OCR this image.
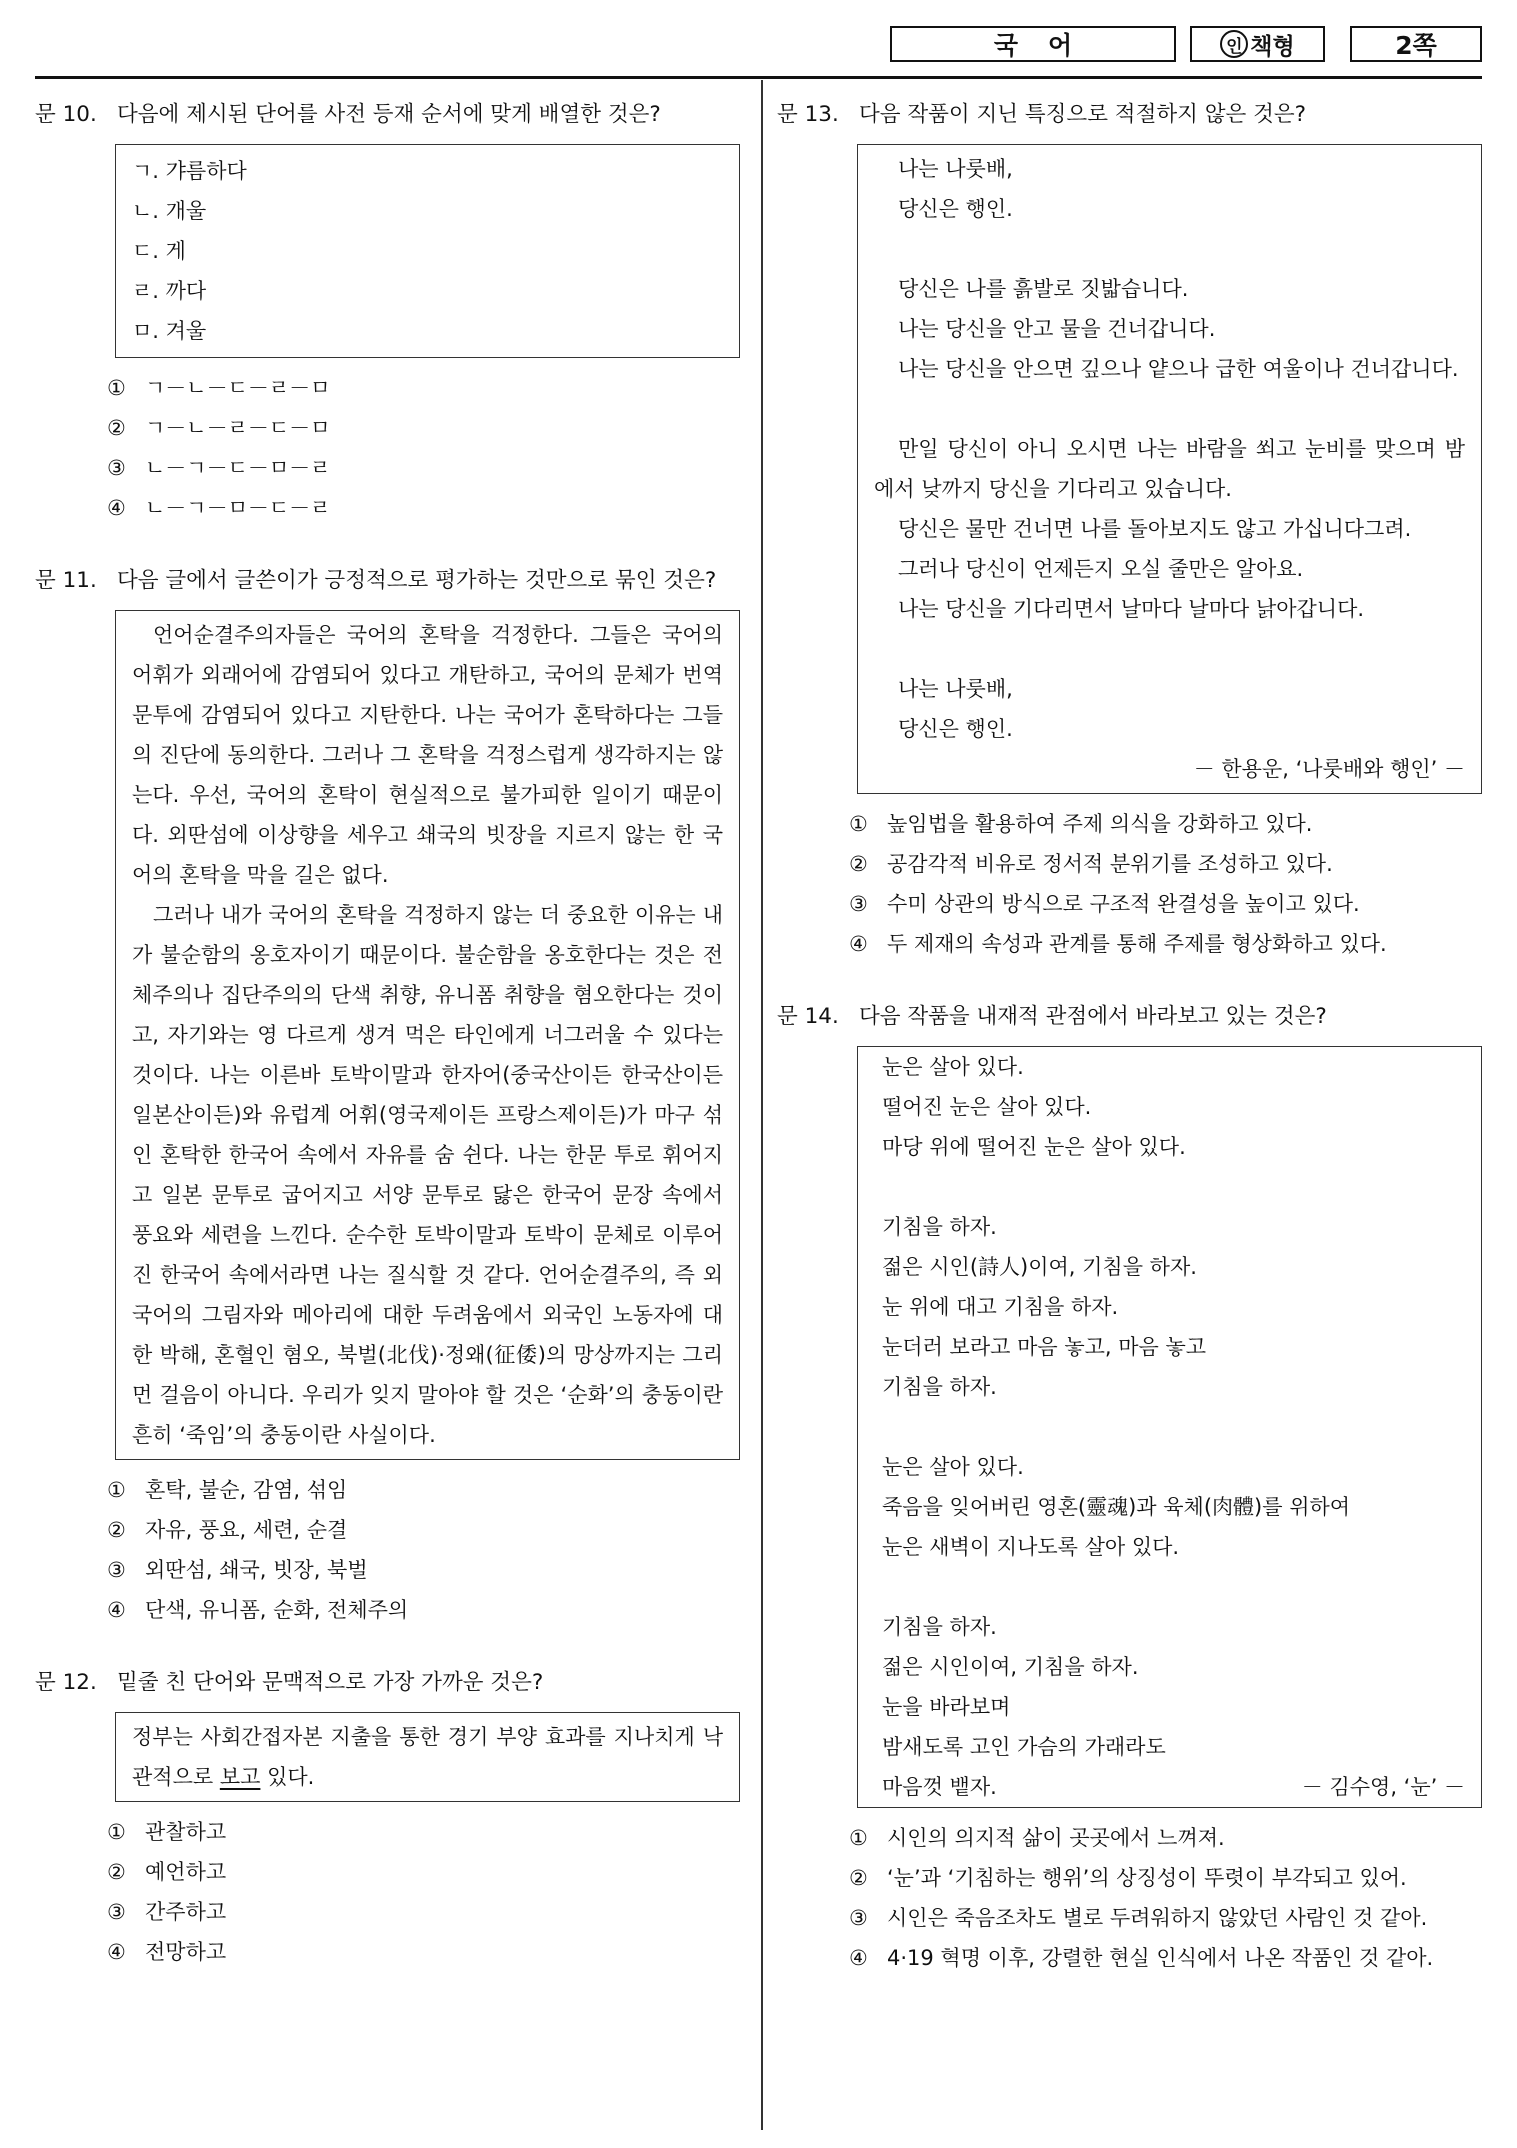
국어	인 책형	2쪽
문 10. 다음에 제시된 단어를 사전 등재 순서에 맞게 배열한 것은?
ㄱ. 갸름하다
ㄴ. 개울
ㄷ. 게
ㄹ. 까다
ㅁ. 겨울
① ㄱ－ㄴ－ㄷ－ㄹ－ㅁ
② ㄱ－ㄴ－ㄹ－ㄷ－ㅁ
③ ㄴ－ㄱ－ㄷ－ㅁ－ㄹ
④ ㄴ－ㄱ－ㅁ－ㄷ－ㄹ
문 11. 다음 글에서 글쓴이가 긍정적으로 평가하는 것만으로 묶인 것은?

언어순결주의자들은 국어의 혼탁을 걱정한다. 그들은 국어의 어휘가 외래어에 감염되어 있다고 개탄하고, 국어의 문체가 번역 문투에 감염되어 있다고 지탄한다. 나는 국어가 혼탁하다는 그들의 진단에 동의한다. 그러나 그 혼탁을 걱정스럽게 생각하지는 않는다. 우선, 국어의 혼탁이 현실적으로 불가피한 일이기 때문이다. 외딴섬에 이상향을 세우고 쇄국의 빗장을 지르지 않는 한 국어의 혼탁을 막을 길은 없다.

그러나 내가 국어의 혼탁을 걱정하지 않는 더 중요한 이유는 내가 불순함의 옹호자이기 때문이다. 불순함을 옹호한다는 것은 전체주의나 집단주의의 단색 취향, 유니폼 취향을 혐오한다는 것이고, 자기와는 영 다르게 생겨 먹은 타인에게 너그러울 수 있다는 것이다. 나는 이른바 토박이말과 한자어(중국산이든 한국산이든 일본산이든)와 유럽계 어휘(영국제이든 프랑스제이든)가 마구 섞인 혼탁한 한국어 속에서 자유를 숨 쉰다. 나는 한문 투로 휘어지고 일본 문투로 굽어지고 서양 문투로 닳은 한국어 문장 속에서 풍요와 세련을 느낀다. 순수한 토박이말과 토박이 문체로 이루어진 한국어 속에서라면 나는 질식할 것 같다. 언어순결주의, 즉 외국어의 그림자와 메아리에 대한 두려움에서 외국인 노동자에 대한 박해, 혼혈인 혐오, 북벌(北伐)·정왜(征倭)의 망상까지는 그리 먼 걸음이 아니다. 우리가 잊지 말아야 할 것은 ‘순화’의 충동이란 흔히 ‘죽임’의 충동이란 사실이다.

① 혼탁, 불순, 감염, 섞임
② 자유, 풍요, 세련, 순결
③ 외딴섬, 쇄국, 빗장, 북벌
④ 단색, 유니폼, 순화, 전체주의
문 12. 밑줄 친 단어와 문맥적으로 가장 가까운 것은?

정부는 사회간접자본 지출을 통한 경기 부양 효과를 지나치게 낙관적으로 보고 있다.

① 관찰하고
② 예언하고
③ 간주하고
④ 전망하고
문 13. 다음 작품이 지닌 특징으로 적절하지 않은 것은?
나는 나룻배,
당신은 행인.
당신은 나를 흙발로 짓밟습니다.
나는 당신을 안고 물을 건너갑니다.

나는 당신을 안으면 깊으나 얕으나 급한 여울이나 건너갑니다.

만일 당신이 아니 오시면 나는 바람을 쐬고 눈비를 맞으며 밤에서 낮까지 당신을 기다리고 있습니다.

당신은 물만 건너면 나를 돌아보지도 않고 가십니다그려.
그러나 당신이 언제든지 오실 줄만은 알아요.
나는 당신을 기다리면서 날마다 날마다 낡아갑니다.
나는 나룻배,
당신은 행인.
－ 한용운, ‘나룻배와 행인’ －
① 높임법을 활용하여 주제 의식을 강화하고 있다.
② 공감각적 비유로 정서적 분위기를 조성하고 있다.
③ 수미 상관의 방식으로 구조적 완결성을 높이고 있다.
④ 두 제재의 속성과 관계를 통해 주제를 형상화하고 있다.
문 14. 다음 작품을 내재적 관점에서 바라보고 있는 것은?
눈은 살아 있다.
떨어진 눈은 살아 있다.
마당 위에 떨어진 눈은 살아 있다.
기침을 하자.
젊은 시인(詩人)이여, 기침을 하자.
눈 위에 대고 기침을 하자.
눈더러 보라고 마음 놓고, 마음 놓고
기침을 하자.
눈은 살아 있다.
죽음을 잊어버린 영혼(靈魂)과 육체(肉體)를 위하여
눈은 새벽이 지나도록 살아 있다.
기침을 하자.
젊은 시인이여, 기침을 하자.
눈을 바라보며
밤새도록 고인 가슴의 가래라도
마음껏 뱉자.	－ 김수영, ‘눈’ －
① 시인의 의지적 삶이 곳곳에서 느껴져.
② ‘눈’과 ‘기침하는 행위’의 상징성이 뚜렷이 부각되고 있어.
③ 시인은 죽음조차도 별로 두려워하지 않았던 사람인 것 같아.
④ 4·19 혁명 이후, 강렬한 현실 인식에서 나온 작품인 것 같아.
